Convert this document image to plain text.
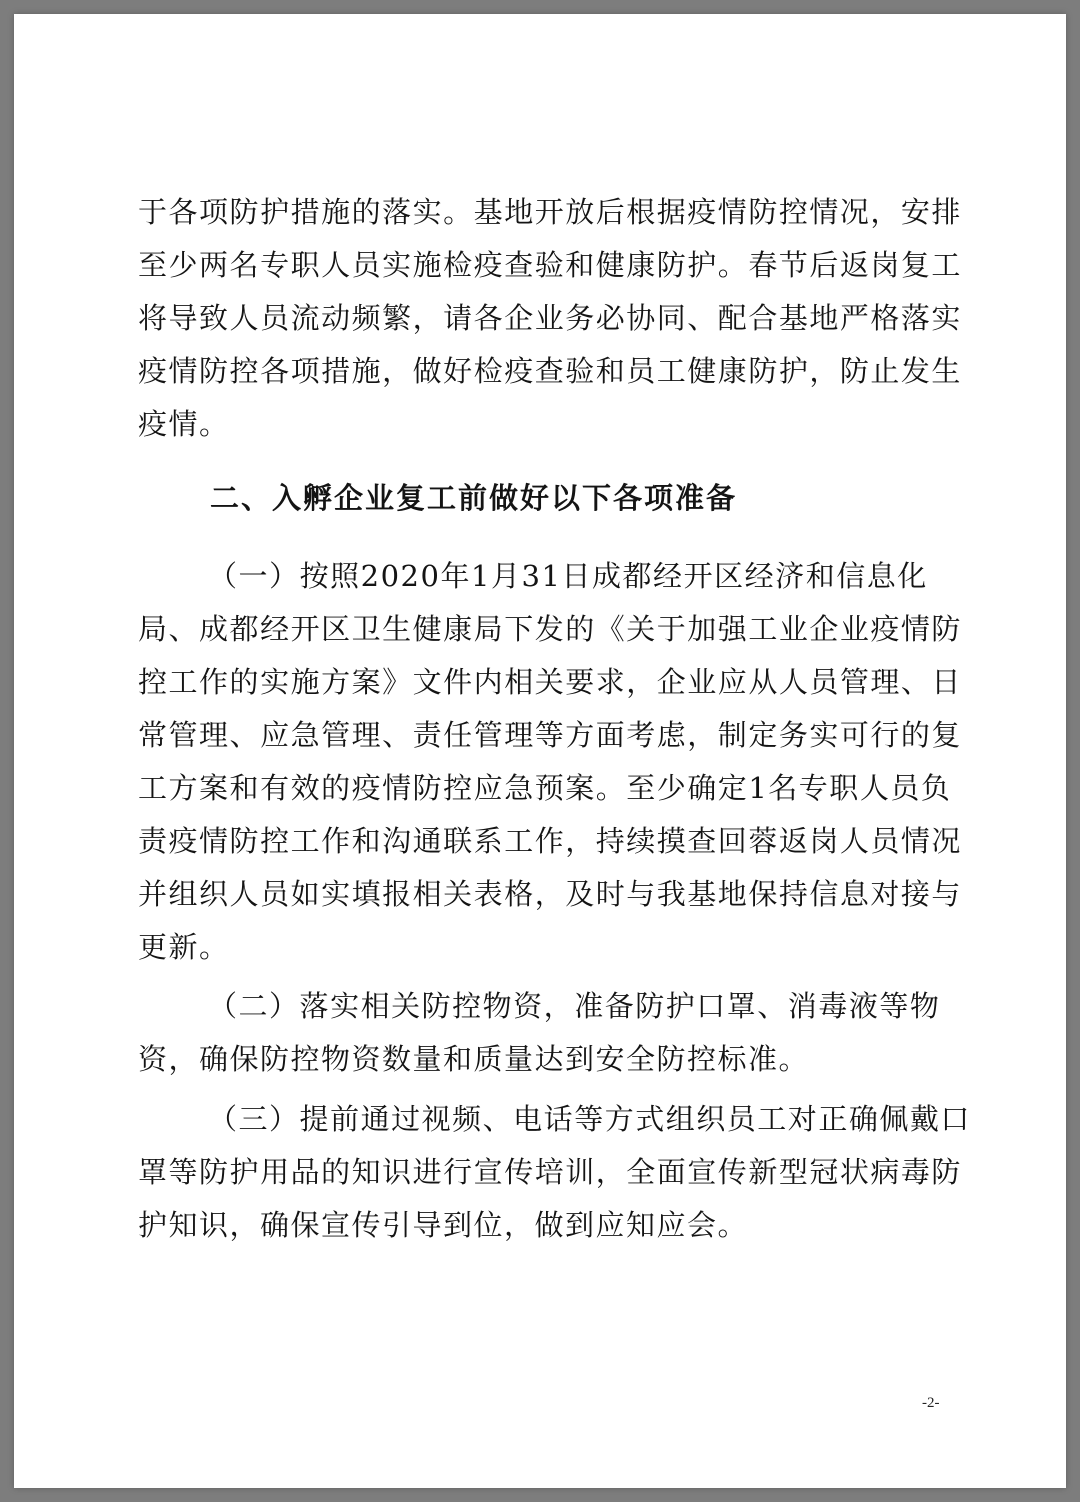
于 各 项 防 护 措 施 的 落 实 。 基 地 开 放 后 根 据 疫 情 防 控 情 况 ， 安 排
至 少 两 名 专 职 人 员 实 施 检 疫 查 验 和 健 康 防 护 。 春 节 后 返 岗 复 工
将 导 致 人 员 流 动 频 繁 ， 请 各 企 业 务 必 协 同 、 配 合 基 地 严 格 落 实
疫 情 防 控 各 项 措 施 ， 做 好 检 疫 查 验 和 员 工 健 康 防 护 ， 防 止 发 生
疫情。
二、入孵企业复工前做好以下各项准备
（ 一 ） 按 照 2020 年 1 月 31 日 成 都 经 开 区 经 济 和 信 息 化
局 、 成 都 经 开 区 卫 生 健 康 局 下 发 的 《 关 于 加 强 工 业 企 业 疫 情 防
控 工 作 的 实 施 方 案 》 文 件 内 相 关 要 求 ， 企 业 应 从 人 员 管 理 、 日
常 管 理 、 应 急 管 理 、 责 任 管 理 等 方 面 考 虑 ， 制 定 务 实 可 行 的 复
工 方 案 和 有 效 的 疫 情 防 控 应 急 预 案 。 至 少 确 定 1 名 专 职 人 员 负
责 疫 情 防 控 工 作 和 沟 通 联 系 工 作 ， 持 续 摸 查 回 蓉 返 岗 人 员 情 况
并 组 织 人 员 如 实 填 报 相 关 表 格 ， 及 时 与 我 基 地 保 持 信 息 对 接 与
更新。
（ 二 ） 落 实 相 关 防 控 物 资 ， 准 备 防 护 口 罩 、 消 毒 液 等 物
资，确保防控物资数量和质量达到安全防控标准。
（ 三 ） 提 前 通 过 视 频 、 电 话 等 方 式 组 织 员 工 对 正 确 佩 戴 口
罩 等 防 护 用 品 的 知 识 进 行 宣 传 培 训 ， 全 面 宣 传 新 型 冠 状 病 毒 防
护知识，确保宣传引导到位，做到应知应会。
-2-
